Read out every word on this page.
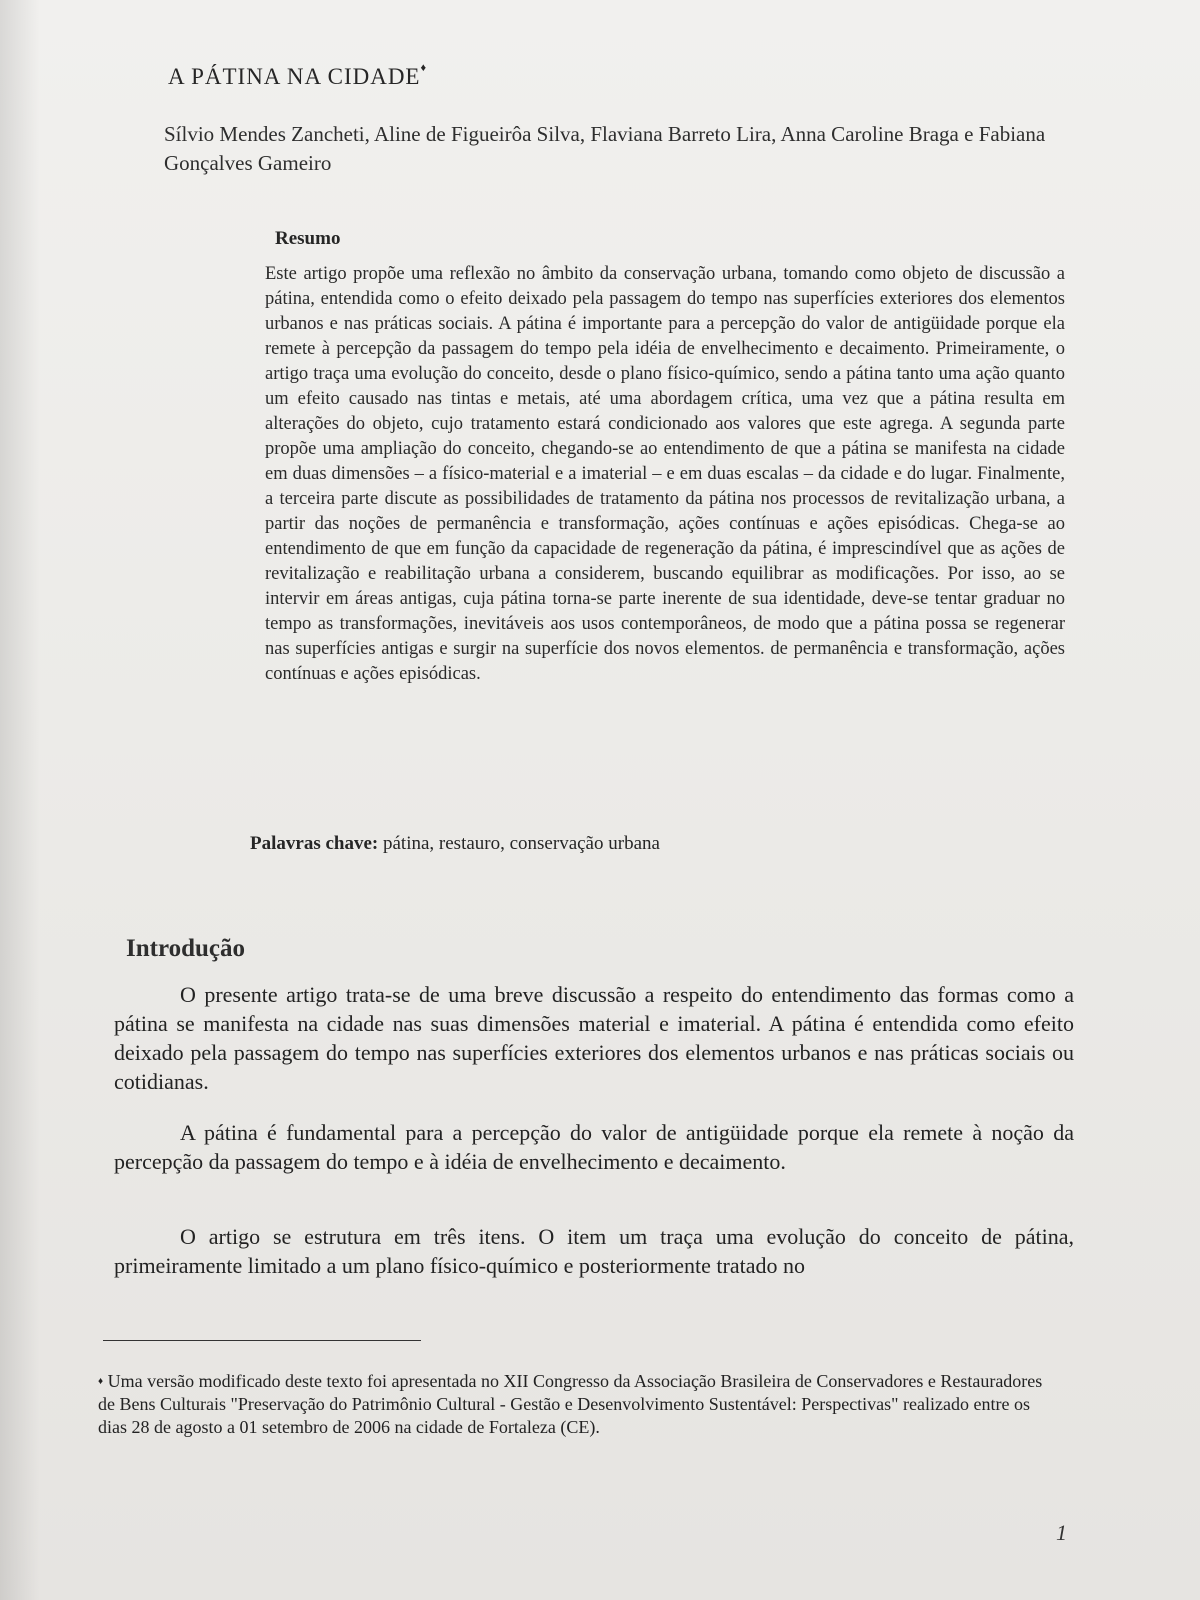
A PÁTINA NA CIDADE♦
Sílvio Mendes Zancheti, Aline de Figueirôa Silva, Flaviana Barreto Lira, Anna Caroline Braga e Fabiana Gonçalves Gameiro
Resumo

Este artigo propõe uma reflexão no âmbito da conservação urbana, tomando como objeto de discussão a pátina, entendida como o efeito deixado pela passagem do tempo nas superfícies exteriores dos elementos urbanos e nas práticas sociais. A pátina é importante para a percepção do valor de antigüidade porque ela remete à percepção da passagem do tempo pela idéia de envelhecimento e decaimento. Primeiramente, o artigo traça uma evolução do conceito, desde o plano físico-químico, sendo a pátina tanto uma ação quanto um efeito causado nas tintas e metais, até uma abordagem crítica, uma vez que a pátina resulta em alterações do objeto, cujo tratamento estará condicionado aos valores que este agrega. A segunda parte propõe uma ampliação do conceito, chegando-se ao entendimento de que a pátina se manifesta na cidade em duas dimensões – a físico-material e a imaterial – e em duas escalas – da cidade e do lugar. Finalmente, a terceira parte discute as possibilidades de tratamento da pátina nos processos de revitalização urbana, a partir das noções de permanência e transformação, ações contínuas e ações episódicas. Chega-se ao entendimento de que em função da capacidade de regeneração da pátina, é imprescindível que as ações de revitalização e reabilitação urbana a considerem, buscando equilibrar as modificações. Por isso, ao se intervir em áreas antigas, cuja pátina torna-se parte inerente de sua identidade, deve-se tentar graduar no tempo as transformações, inevitáveis aos usos contemporâneos, de modo que a pátina possa se regenerar nas superfícies antigas e surgir na superfície dos novos elementos. de permanência e transformação, ações contínuas e ações episódicas.

Palavras chave: pátina, restauro, conservação urbana

Introdução

O presente artigo trata-se de uma breve discussão a respeito do entendimento das formas como a pátina se manifesta na cidade nas suas dimensões material e imaterial. A pátina é entendida como efeito deixado pela passagem do tempo nas superfícies exteriores dos elementos urbanos e nas práticas sociais ou cotidianas.

A pátina é fundamental para a percepção do valor de antigüidade porque ela remete à noção da percepção da passagem do tempo e à idéia de envelhecimento e decaimento.

O artigo se estrutura em três itens. O item um traça uma evolução do conceito de pátina, primeiramente limitado a um plano físico-químico e posteriormente tratado no

♦ Uma versão modificado deste texto foi apresentada no XII Congresso da Associação Brasileira de Conservadores e Restauradores de Bens Culturais "Preservação do Patrimônio Cultural - Gestão e Desenvolvimento Sustentável: Perspectivas" realizado entre os dias 28 de agosto a 01 setembro de 2006 na cidade de Fortaleza (CE).

1
